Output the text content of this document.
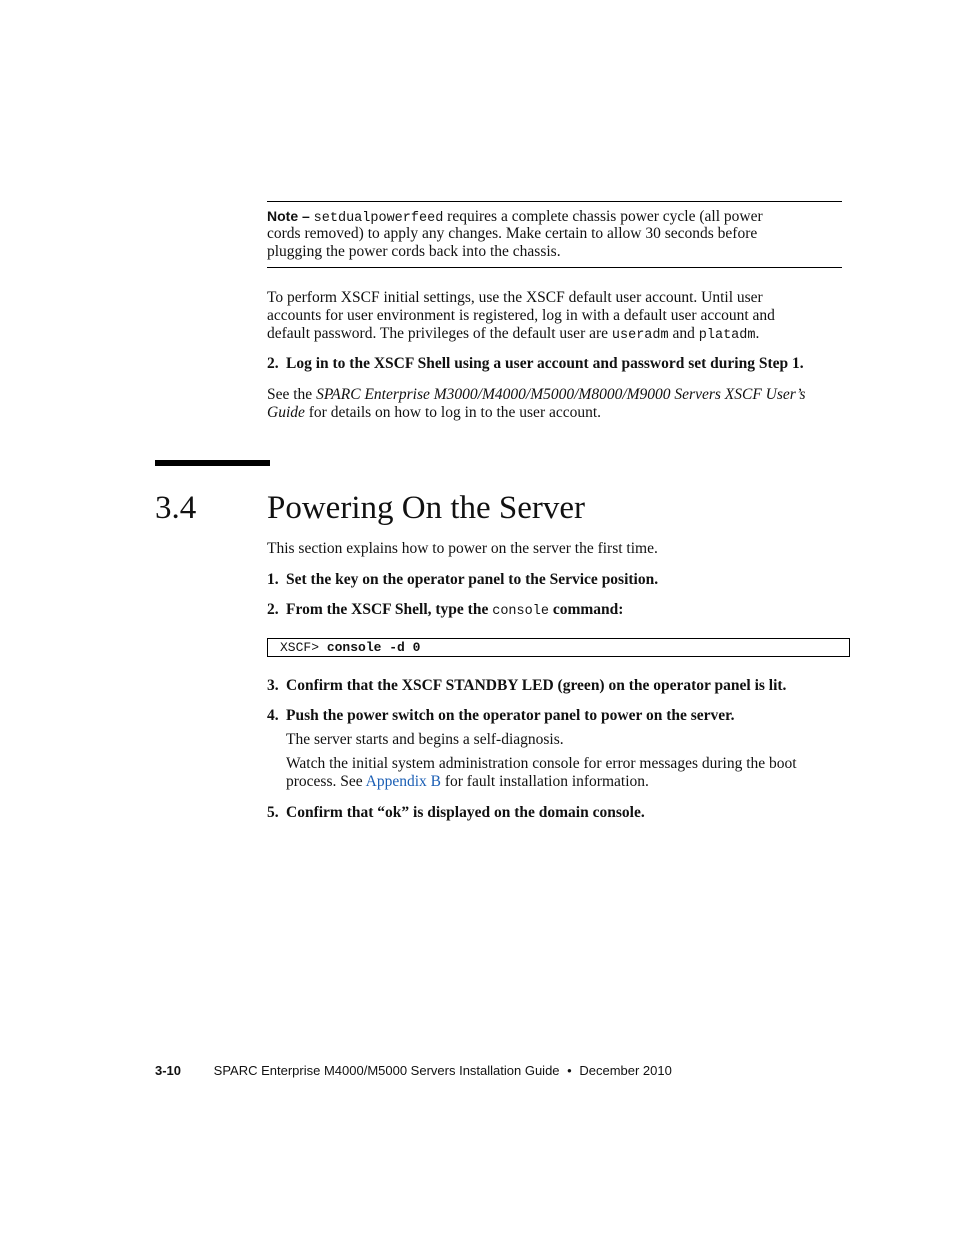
Note – setdualpowerfeed requires a complete chassis power cycle (all power
cords removed) to apply any changes. Make certain to allow 30 seconds before
plugging the power cords back into the chassis.
To perform XSCF initial settings, use the XSCF default user account. Until user
accounts for user environment is registered, log in with a default user account and
default password. The privileges of the default user are useradm and platadm.
2. Log in to the XSCF Shell using a user account and password set during Step 1.
See the SPARC Enterprise M3000/M4000/M5000/M8000/M9000 Servers XSCF User’s
Guide for details on how to log in to the user account.
3.4 Powering On the Server
This section explains how to power on the server the first time.
1. Set the key on the operator panel to the Service position.
2. From the XSCF Shell, type the console command:
XSCF> console -d 0
3. Confirm that the XSCF STANDBY LED (green) on the operator panel is lit.
4. Push the power switch on the operator panel to power on the server.
The server starts and begins a self-diagnosis.
Watch the initial system administration console for error messages during the boot
process. See Appendix B for fault installation information.
5. Confirm that “ok” is displayed on the domain console.
3-10	SPARC Enterprise M4000/M5000 Servers Installation Guide • December 2010
